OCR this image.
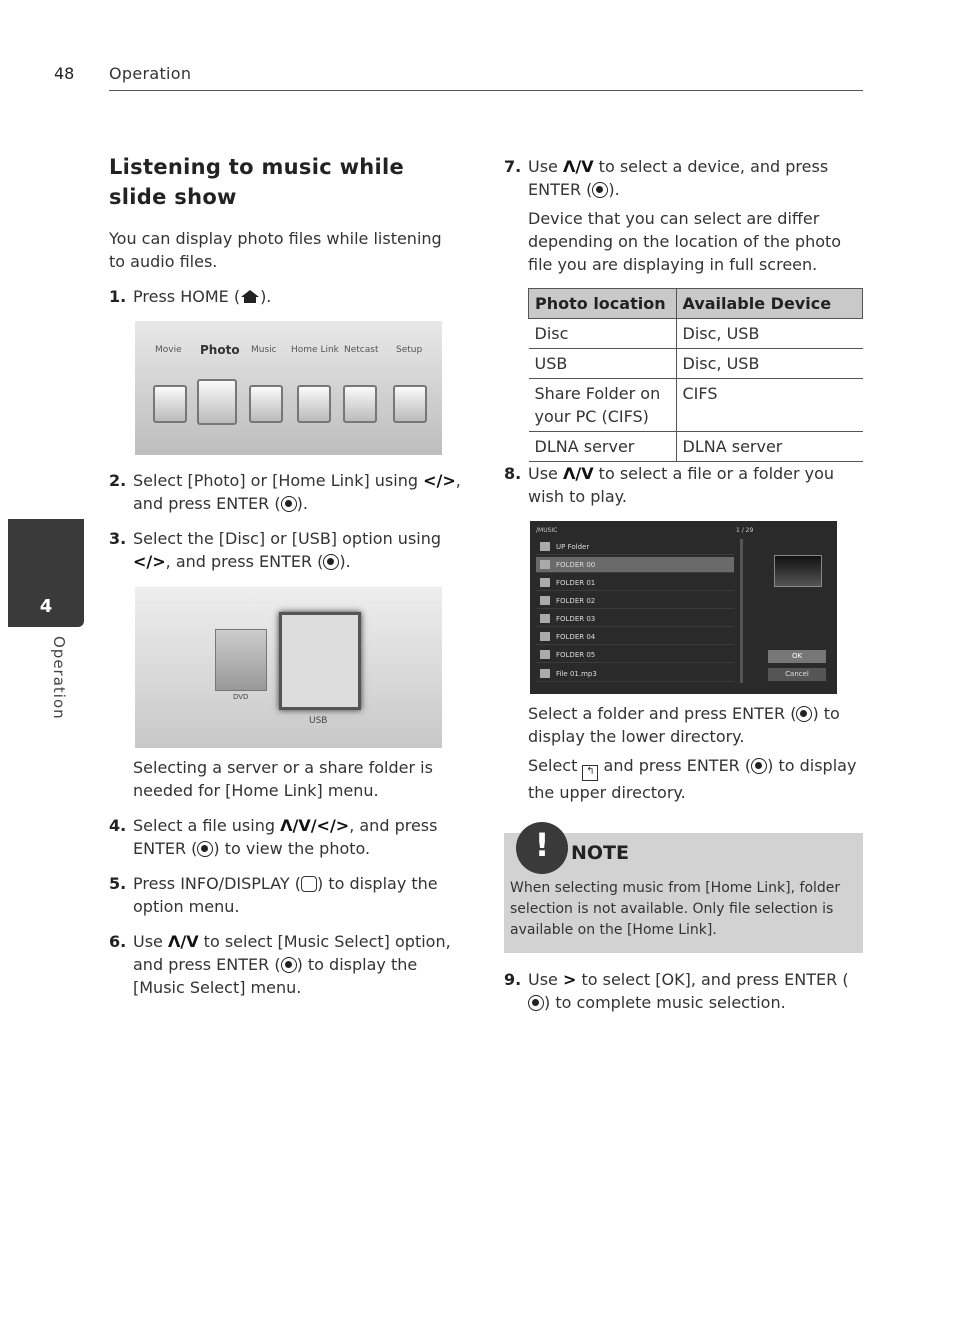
48 Operation
4
Operation
Listening to music while slide show
You can display photo files while listening to audio files.
1. Press HOME ( ).
Movie Photo Music Home Link Netcast Setup
2. Select [Photo] or [Home Link] using </>, and press ENTER ( ).
3. Select the [Disc] or [USB] option using </>, and press ENTER ( ).
DVD
USB
Selecting a server or a share folder is needed for [Home Link] menu.
4. Select a file using Λ/V/</>, and press ENTER ( ) to view the photo.
5. Press INFO/DISPLAY ( ) to display the option menu.
6. Use Λ/V to select [Music Select] option, and press ENTER ( ) to display the [Music Select] menu.
7. Use Λ/V to select a device, and press ENTER ( ).
Device that you can select are differ depending on the location of the photo file you are displaying in full screen.
Photo location	Available Device
Disc	Disc, USB
USB	Disc, USB
Share Folder on your PC (CIFS)	CIFS
DLNA server	DLNA server
8. Use Λ/V to select a file or a folder you wish to play.
/MUSIC	1 / 29
UP Folder
FOLDER 00
FOLDER 01
FOLDER 02
FOLDER 03
FOLDER 04
FOLDER 05
File 01.mp3
OK
Cancel
Select a folder and press ENTER ( ) to display the lower directory.
Select ↰ and press ENTER ( ) to display the upper directory.
!	NOTE
When selecting music from [Home Link], folder selection is not available. Only file selection is available on the [Home Link].
9. Use > to select [OK], and press ENTER () to complete music selection.
